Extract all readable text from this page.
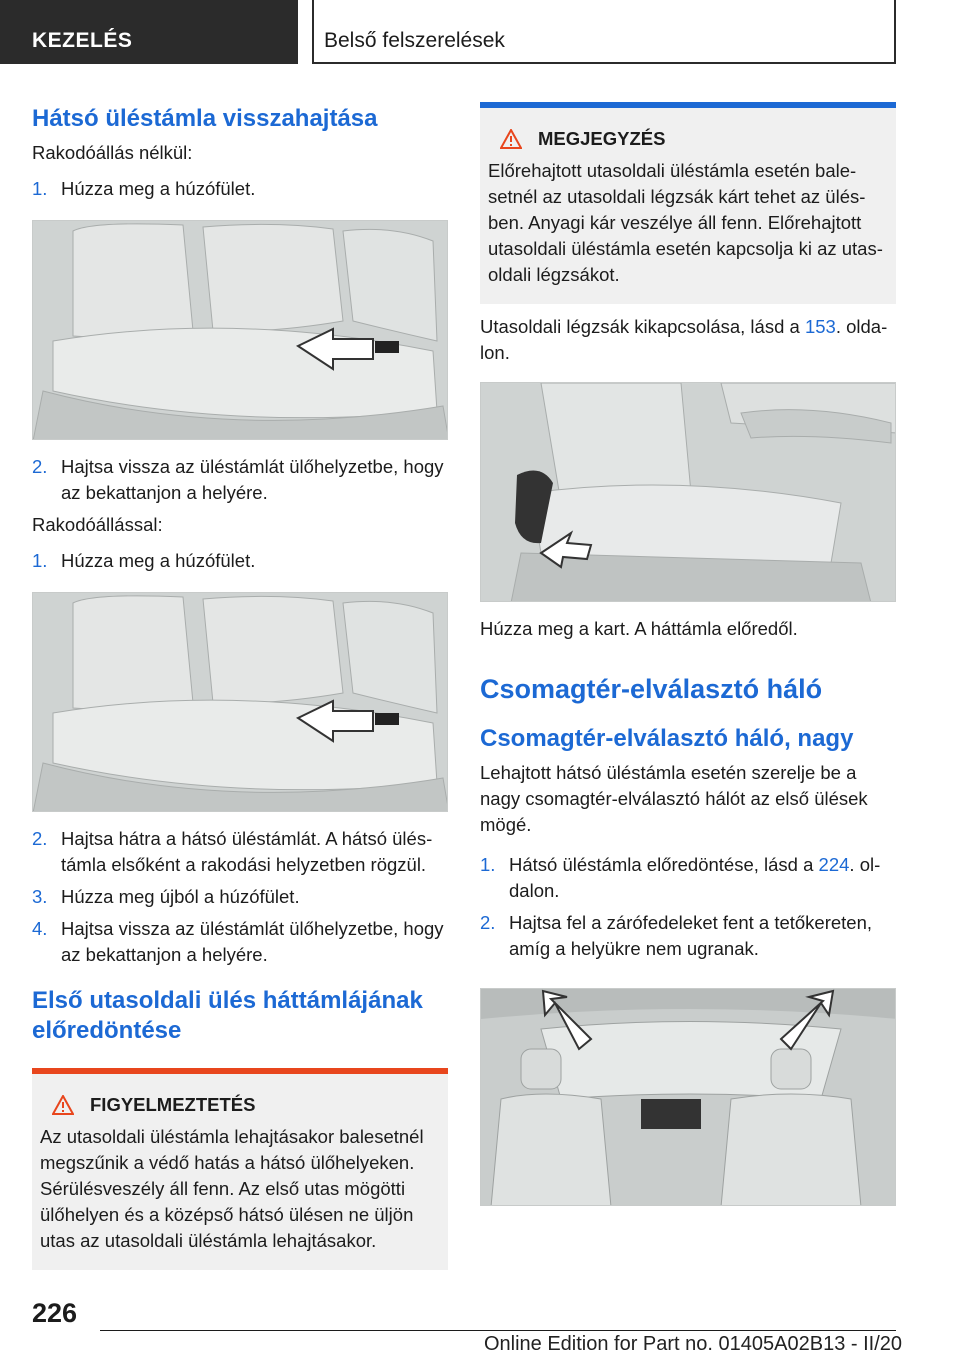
KEZELÉS	Belső felszerelések
Hátsó üléstámla visszahajtása

Rakodóállás nélkül:

1. Húzza meg a húzófület.
2. Hajtsa vissza az üléstámlát ülőhelyzetbe, hogy az bekattanjon a helyére.

Rakodóállással:

1. Húzza meg a húzófület.
2. Hajtsa hátra a hátsó üléstámlát. A hátsó üléstámla elsőként a rakodási helyzetben rögzül.
3. Húzza meg újból a húzófület.
4. Hajtsa vissza az üléstámlát ülőhelyzetbe, hogy az bekattanjon a helyére.
Első utasoldali ülés háttámlájának előredöntése
FIGYELMEZTETÉS

Az utasoldali üléstámla lehajtásakor balesetnél megszűnik a védő hatás a hátsó ülőhelyeken. Sérülésveszély áll fenn. Az első utas mögötti ülőhelyen és a középső hátsó ülésen ne üljön utas az utasoldali üléstámla lehajtásakor.

MEGJEGYZÉS

Előrehajtott utasoldali üléstámla esetén balesetnél az utasoldali légzsák kárt tehet az ülésben. Anyagi kár veszélye áll fenn. Előrehajtott utasoldali üléstámla esetén kapcsolja ki az utasoldali légzsákot.

Utasoldali légzsák kikapcsolása, lásd a 153. oldalon.

Húzza meg a kart. A háttámla előredől.

Csomagtér-elválasztó háló
Csomagtér-elválasztó háló, nagy

Lehajtott hátsó üléstámla esetén szerelje be a nagy csomagtér-elválasztó hálót az első ülések mögé.

1. Hátsó üléstámla előredöntése, lásd a 224. oldalon.
2. Hajtsa fel a zárófedeleket fent a tetőkereten, amíg a helyükre nem ugranak.
226
Online Edition for Part no. 01405A02B13 - II/20
